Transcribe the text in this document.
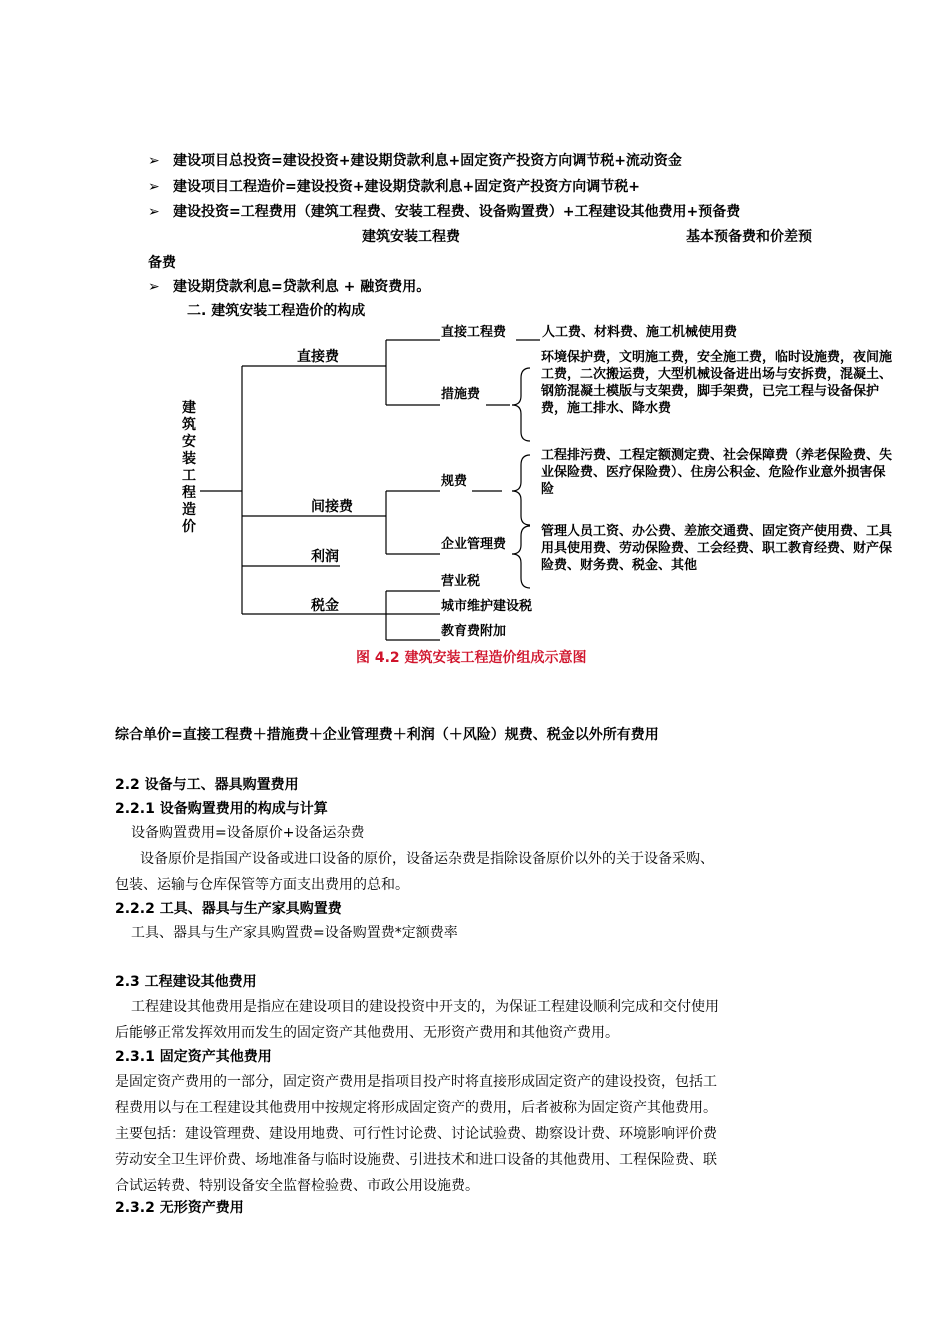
➢ 建设项目总投资=建设投资+建设期贷款利息+固定资产投资方向调节税+流动资金
➢ 建设项目工程造价=建设投资+建设期贷款利息+固定资产投资方向调节税+
➢ 建设投资=工程费用（建筑工程费、安装工程费、设备购置费）+工程建设其他费用+预备费
建筑安装工程费	基本预备费和价差预
备费
➢ 建设期贷款利息=贷款利息 + 融资费用。
二. 建筑安装工程造价的构成
建筑安装工程造价
直接费
间接费
利润
税金
直接工程费	人工费、材料费、施工机械使用费
措施费
环境保护费，文明施工费，安全施工费，临时设施费，夜间施工费，二次搬运费，大型机械设备进出场与安拆费，混凝土、钢筋混凝土模版与支架费，脚手架费，已完工程与设备保护费，施工排水、降水费
规费
工程排污费、工程定额测定费、社会保障费（养老保险费、失业保险费、医疗保险费）、住房公积金、危险作业意外损害保险
企业管理费
管理人员工资、办公费、差旅交通费、固定资产使用费、工具用具使用费、劳动保险费、工会经费、职工教育经费、财产保险费、财务费、税金、其他
营业税
城市维护建设税
教育费附加
图 4.2 建筑安装工程造价组成示意图
综合单价=直接工程费＋措施费＋企业管理费＋利润（＋风险）规费、税金以外所有费用
2.2 设备与工、器具购置费用
2.2.1 设备购置费用的构成与计算
设备购置费用=设备原价+设备运杂费
设备原价是指国产设备或进口设备的原价，设备运杂费是指除设备原价以外的关于设备采购、
包装、运输与仓库保管等方面支出费用的总和。
2.2.2 工具、器具与生产家具购置费
工具、器具与生产家具购置费=设备购置费*定额费率
2.3 工程建设其他费用
工程建设其他费用是指应在建设项目的建设投资中开支的，为保证工程建设顺利完成和交付使用
后能够正常发挥效用而发生的固定资产其他费用、无形资产费用和其他资产费用。
2.3.1 固定资产其他费用
是固定资产费用的一部分，固定资产费用是指项目投产时将直接形成固定资产的建设投资，包括工
程费用以与在工程建设其他费用中按规定将形成固定资产的费用，后者被称为固定资产其他费用。
主要包括：建设管理费、建设用地费、可行性讨论费、讨论试验费、勘察设计费、环境影响评价费
劳动安全卫生评价费、场地准备与临时设施费、引进技术和进口设备的其他费用、工程保险费、联
合试运转费、特别设备安全监督检验费、市政公用设施费。
2.3.2 无形资产费用
